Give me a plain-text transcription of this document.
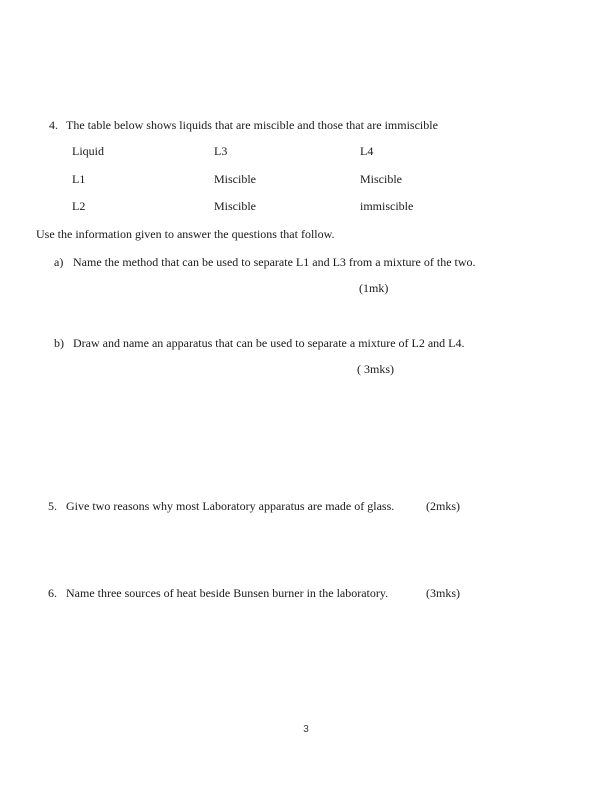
4. The table below shows liquids that are miscible and those that are immiscible
Liquid	L3	L4
L1	Miscible	Miscible
L2	Miscible	immiscible
Use the information given to answer the questions that follow.
a) Name the method that can be used to separate L1 and L3 from a mixture of the two.
(1mk)
b) Draw and name an apparatus that can be used to separate a mixture of L2 and L4.
( 3mks)
5. Give two reasons why most Laboratory apparatus are made of glass.	(2mks)
6. Name three sources of heat beside Bunsen burner in the laboratory.	(3mks)
3
